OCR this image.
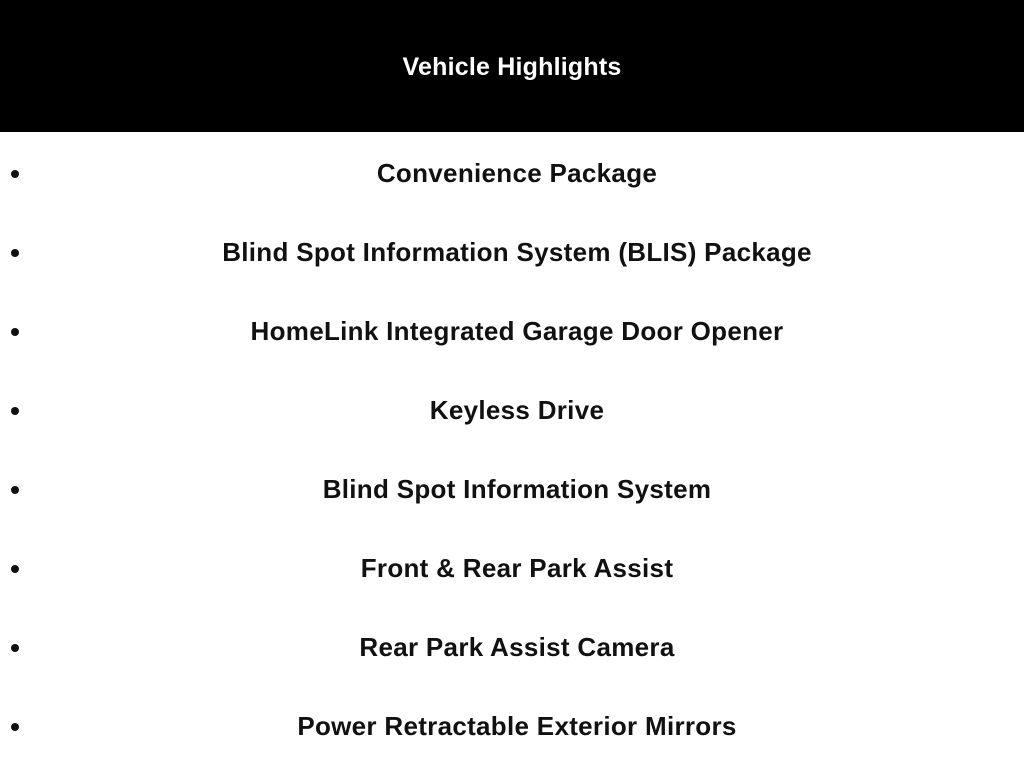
Vehicle Highlights
Convenience Package
Blind Spot Information System (BLIS) Package
HomeLink Integrated Garage Door Opener
Keyless Drive
Blind Spot Information System
Front & Rear Park Assist
Rear Park Assist Camera
Power Retractable Exterior Mirrors
